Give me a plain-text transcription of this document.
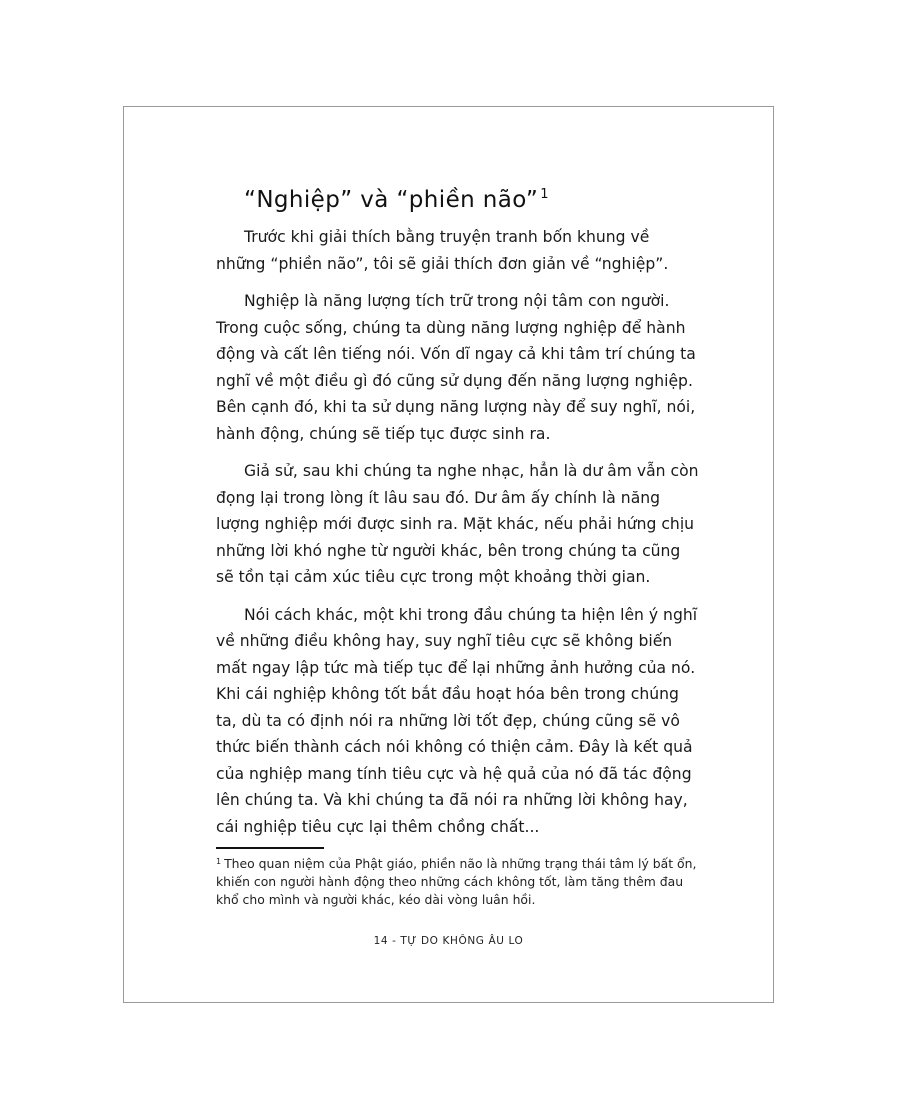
“Nghiệp” và “phiền não” $^1$

Trước khi giải thích bằng truyện tranh bốn khung về những “phiền não”, tôi sẽ giải thích đơn giản về “nghiệp”.

Nghiệp là năng lượng tích trữ trong nội tâm con người. Trong cuộc sống, chúng ta dùng năng lượng nghiệp để hành động và cất lên tiếng nói. Vốn dĩ ngay cả khi tâm trí chúng ta nghĩ về một điều gì đó cũng sử dụng đến năng lượng nghiệp. Bên cạnh đó, khi ta sử dụng năng lượng này để suy nghĩ, nói, hành động, chúng sẽ tiếp tục được sinh ra.

Giả sử, sau khi chúng ta nghe nhạc, hẳn là dư âm vẫn còn đọng lại trong lòng ít lâu sau đó. Dư âm ấy chính là năng lượng nghiệp mới được sinh ra. Mặt khác, nếu phải hứng chịu những lời khó nghe từ người khác, bên trong chúng ta cũng sẽ tồn tại cảm xúc tiêu cực trong một khoảng thời gian.

Nói cách khác, một khi trong đầu chúng ta hiện lên ý nghĩ về những điều không hay, suy nghĩ tiêu cực sẽ không biến mất ngay lập tức mà tiếp tục để lại những ảnh hưởng của nó. Khi cái nghiệp không tốt bắt đầu hoạt hóa bên trong chúng ta, dù ta có định nói ra những lời tốt đẹp, chúng cũng sẽ vô thức biến thành cách nói không có thiện cảm. Đây là kết quả của nghiệp mang tính tiêu cực và hệ quả của nó đã tác động lên chúng ta. Và khi chúng ta đã nói ra những lời không hay, cái nghiệp tiêu cực lại thêm chồng chất...

$^1$ Theo quan niệm của Phật giáo, phiền não là những trạng thái tâm lý bất ổn, khiến con người hành động theo những cách không tốt, làm tăng thêm đau khổ cho mình và người khác, kéo dài vòng luân hồi.

14 - TỰ DO KHÔNG ÂU LO
